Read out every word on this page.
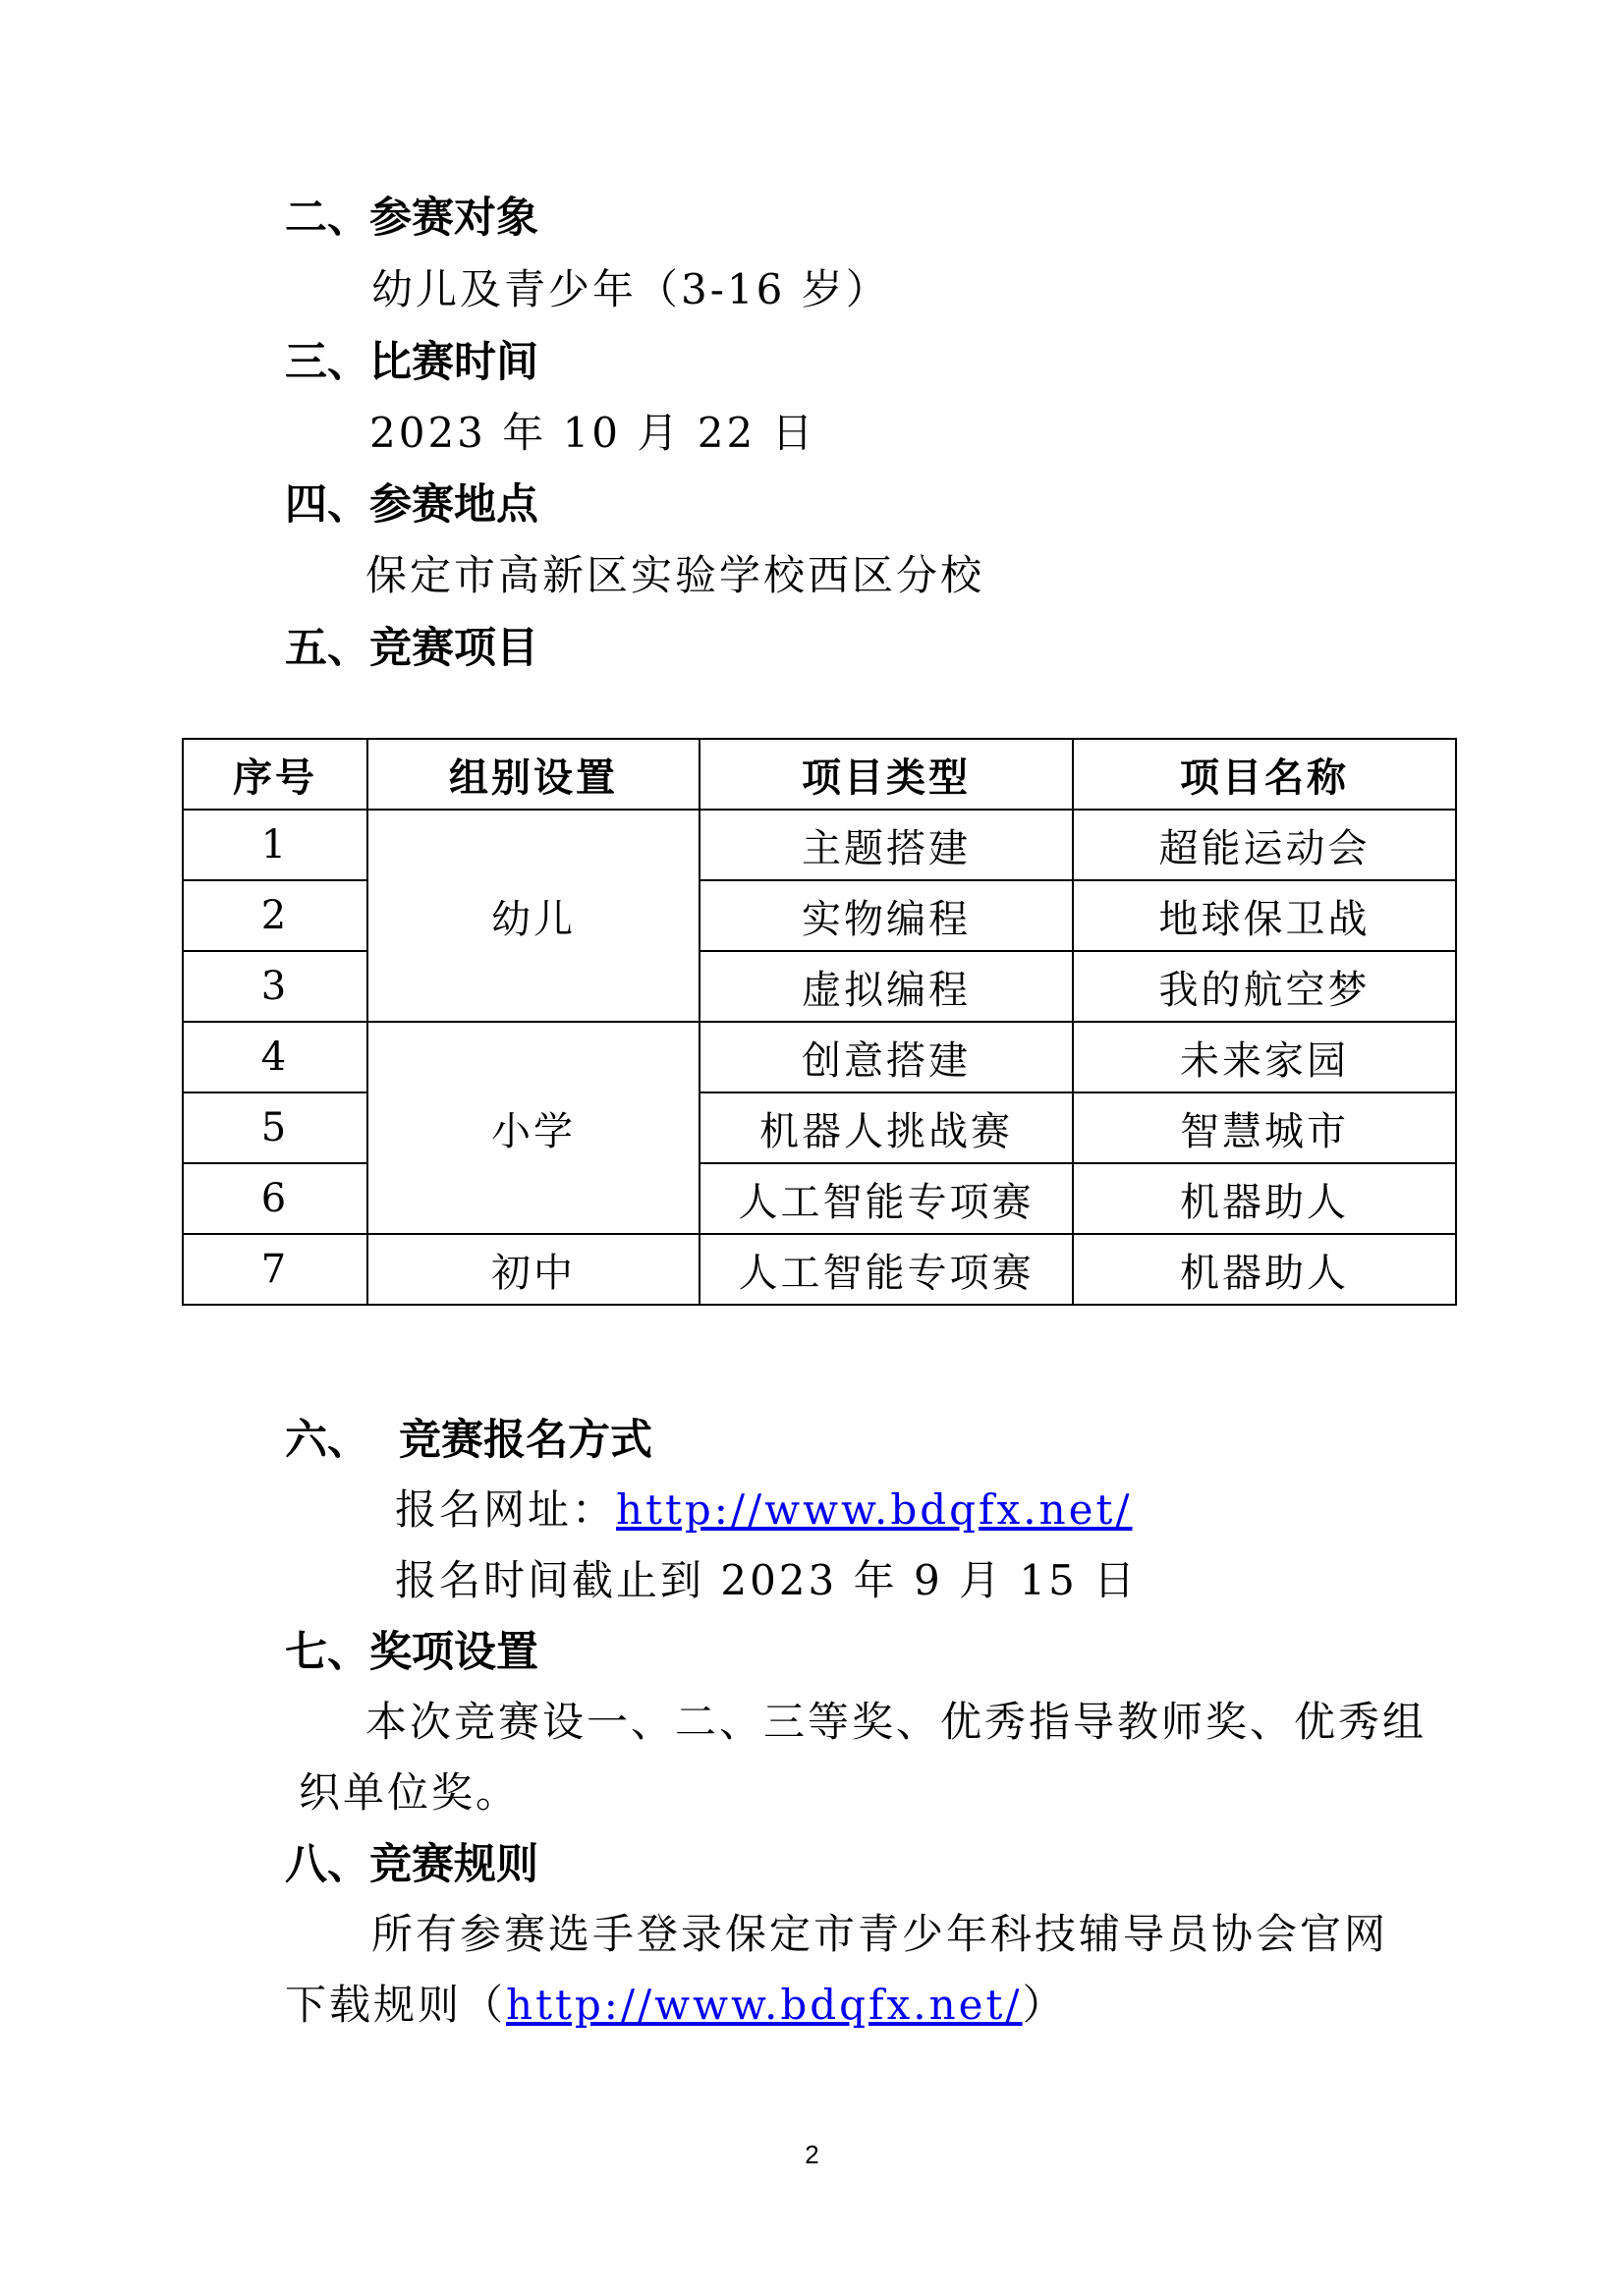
二、参赛对象
幼儿及青少年（3-16 岁）
三、比赛时间
2023 年 10 月 22 日
四、参赛地点
保定市高新区实验学校西区分校
五、竞赛项目
序号	组别设置	项目类型	项目名称
1	幼儿	主题搭建	超能运动会
2		实物编程	地球保卫战
3		虚拟编程	我的航空梦
4	小学	创意搭建	未来家园
5		机器人挑战赛	智慧城市
6		人工智能专项赛	机器助人
7	初中	人工智能专项赛	机器助人
六、  竞赛报名方式
报名网址：http://www.bdqfx.net/
报名时间截止到 2023 年 9 月 15 日
七、奖项设置
本次竞赛设一、二、三等奖、优秀指导教师奖、优秀组
织单位奖。
八、竞赛规则
所有参赛选手登录保定市青少年科技辅导员协会官网
下载规则（http://www.bdqfx.net/）
2
